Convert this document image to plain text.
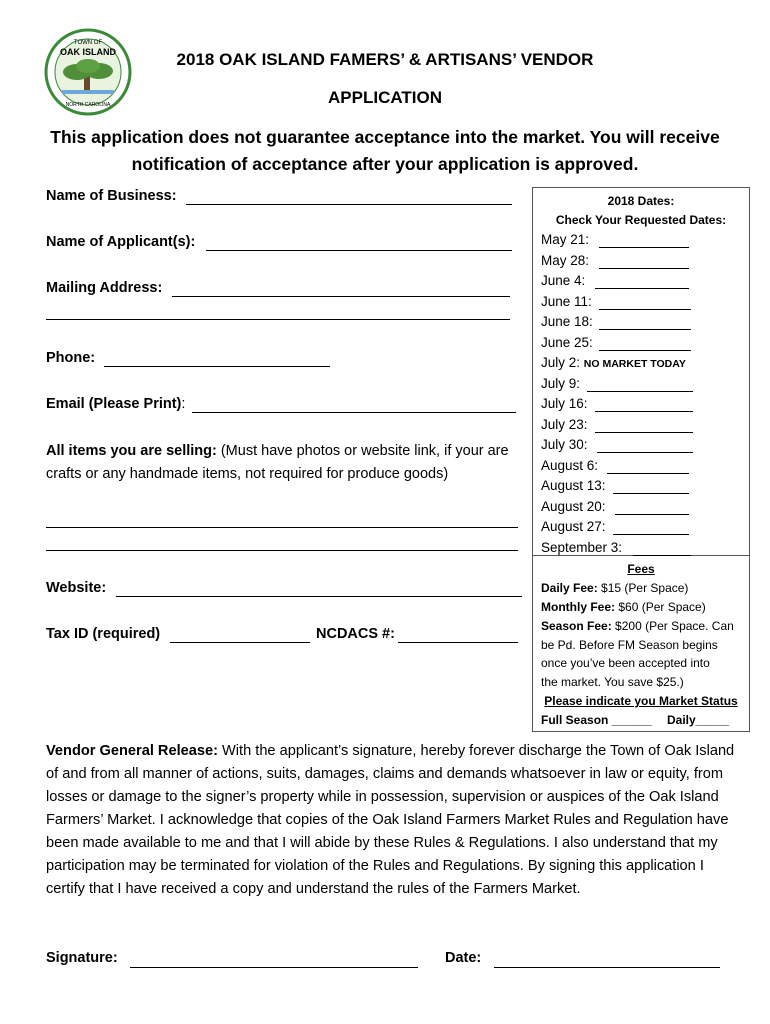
TOWN OF
OAK ISLAND
NORTH CAROLINA
2018 OAK ISLAND FAMERS’ & ARTISANS’ VENDOR
APPLICATION
This application does not guarantee acceptance into the market. You will receive notification of acceptance after your application is approved.
Name of Business:
Name of Applicant(s):
Mailing Address:
Phone:
Email (Please Print):
All items you are selling: (Must have photos or website link, if your are crafts or any handmade items, not required for produce goods)
Website:
Tax ID (required)	NCDACS #:
2018 Dates:
Check Your Requested Dates:
May 21:
May 28:
June 4:
June 11:
June 18:
June 25:
July 2: NO MARKET TODAY
July 9:
July 16:
July 23:
July 30:
August 6:
August 13:
August 20:
August 27:
September 3:
Fees
Daily Fee: $15 (Per Space)
Monthly Fee: $60 (Per Space)
Season Fee: $200 (Per Space. Can
be Pd. Before FM Season begins
once you’ve been accepted into
the market. You save $25.)
Please indicate you Market Status
Full Season ______ Daily_____
Vendor General Release: With the applicant’s signature, hereby forever discharge the Town of Oak Island of and from all manner of actions, suits, damages, claims and demands whatsoever in law or equity, from losses or damage to the signer’s property while in possession, supervision or auspices of the Oak Island Farmers’ Market. I acknowledge that copies of the Oak Island Farmers Market Rules and Regulation have been made available to me and that I will abide by these Rules & Regulations. I also understand that my participation may be terminated for violation of the Rules and Regulations. By signing this application I certify that I have received a copy and understand the rules of the Farmers Market.
Signature:	Date:
